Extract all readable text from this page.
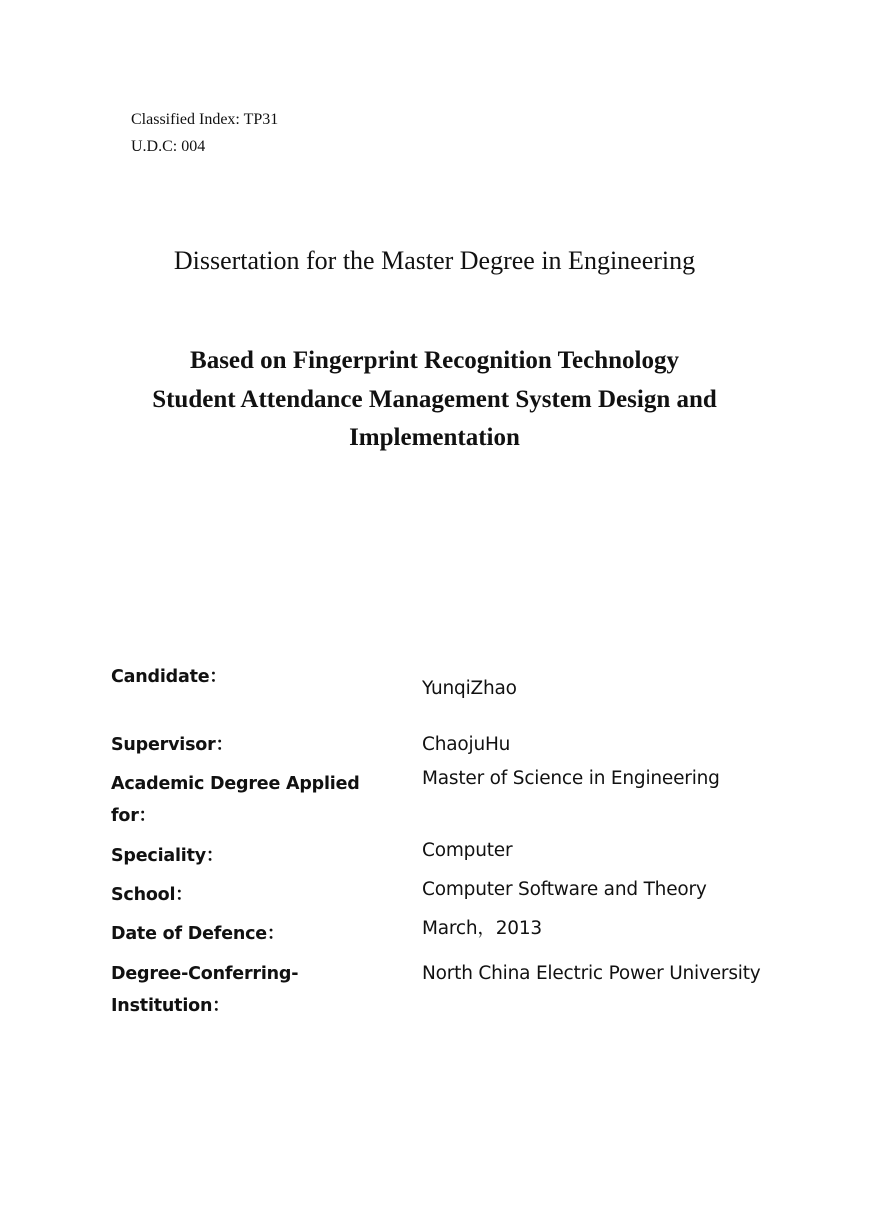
Classified Index: TP31
U.D.C: 004
Dissertation for the Master Degree in Engineering
Based on Fingerprint Recognition Technology
Student Attendance Management System Design and
Implementation
Candidate：
YunqiZhao
Supervisor：	ChaojuHu
Academic Degree Applied for：
Master of Science in Engineering
Speciality：	Computer
School：	Computer Software and Theory
Date of Defence：	March，2013
Degree-Conferring-Institution：
North China Electric Power University
